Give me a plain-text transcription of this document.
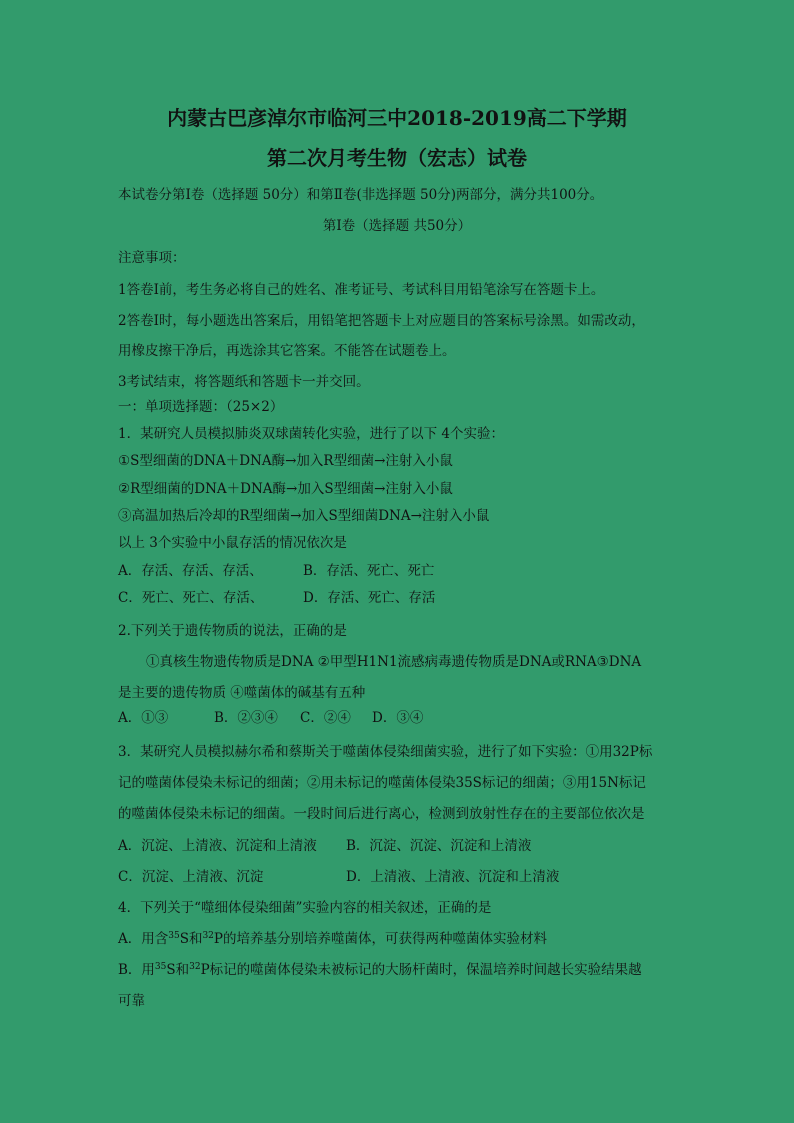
内蒙古巴彦淖尔市临河三中2018-2019高二下学期
第二次月考生物（宏志）试卷
本试卷分第Ⅰ卷（选择题 50分）和第Ⅱ卷(非选择题 50分)两部分，满分共100分。
第Ⅰ卷（选择题 共50分）
注意事项：
1答卷Ⅰ前，考生务必将自己的姓名、准考证号、考试科目用铅笔涂写在答题卡上。
2答卷Ⅰ时，每小题选出答案后，用铅笔把答题卡上对应题目的答案标号涂黑。如需改动，
用橡皮擦干净后，再选涂其它答案。不能答在试题卷上。
3考试结束，将答题纸和答题卡一并交回。
一：单项选择题：（25×2）
1．某研究人员模拟肺炎双球菌转化实验，进行了以下 4个实验：
①S型细菌的DNA＋DNA酶→加入R型细菌→注射入小鼠
②R型细菌的DNA＋DNA酶→加入S型细菌→注射入小鼠
③高温加热后冷却的R型细菌→加入S型细菌DNA→注射入小鼠
以上 3个实验中小鼠存活的情况依次是
A．存活、存活、存活、	B．存活、死亡、死亡
C．死亡、死亡、存活、	D．存活、死亡、存活
2.下列关于遗传物质的说法，正确的是
①真核生物遗传物质是DNA ②甲型H1N1流感病毒遗传物质是DNA或RNA③DNA
是主要的遗传物质 ④噬菌体的碱基有五种
A．①③	B．②③④ C．②④ D．③④
3．某研究人员模拟赫尔希和蔡斯关于噬菌体侵染细菌实验，进行了如下实验：①用32P标
记的噬菌体侵染未标记的细菌；②用未标记的噬菌体侵染35S标记的细菌；③用15N标记
的噬菌体侵染未标记的细菌。一段时间后进行离心，检测到放射性存在的主要部位依次是
A．沉淀、上清液、沉淀和上清液 B．沉淀、沉淀、沉淀和上清液
C．沉淀、上清液、沉淀	D．上清液、上清液、沉淀和上清液
4．下列关于“噬细体侵染细菌”实验内容的相关叙述，正确的是
A．用含$^{35}$S和$^{32}$P的培养基分别培养噬菌体，可获得两种噬菌体实验材料
B．用$^{35}$S和$^{32}$P标记的噬菌体侵染未被标记的大肠杆菌时，保温培养时间越长实验结果越
可靠
